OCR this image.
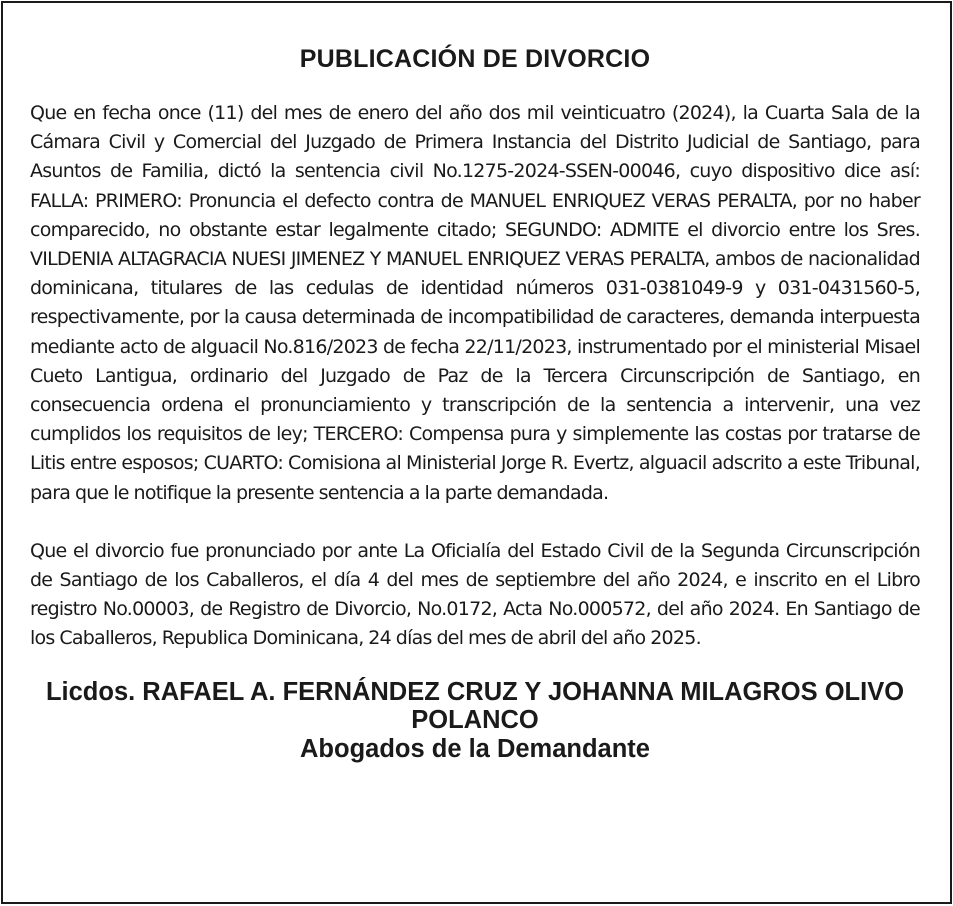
PUBLICACIÓN DE DIVORCIO

Que en fecha once (11) del mes de enero del año dos mil veinticuatro (2024), la Cuarta Sala de la Cámara Civil y Comercial del Juzgado de Primera Instancia del Distrito Judicial de Santiago, para Asuntos de Familia, dictó la sentencia civil No.1275-2024-SSEN-00046, cuyo dispositivo dice así: FALLA: PRIMERO: Pronuncia el defecto contra de MANUEL ENRIQUEZ VERAS PERALTA, por no haber comparecido, no obstante estar legalmente citado; SEGUNDO: ADMITE el divorcio entre los Sres. VILDENIA ALTAGRACIA NUESI JIMENEZ Y MANUEL ENRIQUEZ VERAS PERALTA, ambos de nacionalidad dominicana, titulares de las cedulas de identidad números 031-0381049-9 y 031-0431560-5, respectivamente, por la causa determinada de incompatibilidad de caracteres, demanda interpuesta mediante acto de alguacil No.816/2023 de fecha 22/11/2023, instrumentado por el ministerial Misael Cueto Lantigua, ordinario del Juzgado de Paz de la Tercera Circunscripción de Santiago, en consecuencia ordena el pronunciamiento y transcripción de la sentencia a intervenir, una vez cumplidos los requisitos de ley; TERCERO: Compensa pura y simplemente las costas por tratarse de Litis entre esposos; CUARTO: Comisiona al Ministerial Jorge R. Evertz, alguacil adscrito a este Tribunal, para que le notifique la presente sentencia a la parte demandada.

Que el divorcio fue pronunciado por ante La Oficialía del Estado Civil de la Segunda Circunscripción de Santiago de los Caballeros, el día 4 del mes de septiembre del año 2024, e inscrito en el Libro registro No.00003, de Registro de Divorcio, No.0172, Acta No.000572, del año 2024. En Santiago de los Caballeros, Republica Dominicana, 24 días del mes de abril del año 2025.

Licdos. RAFAEL A. FERNÁNDEZ CRUZ Y JOHANNA MILAGROS OLIVO POLANCO
Abogados de la Demandante
